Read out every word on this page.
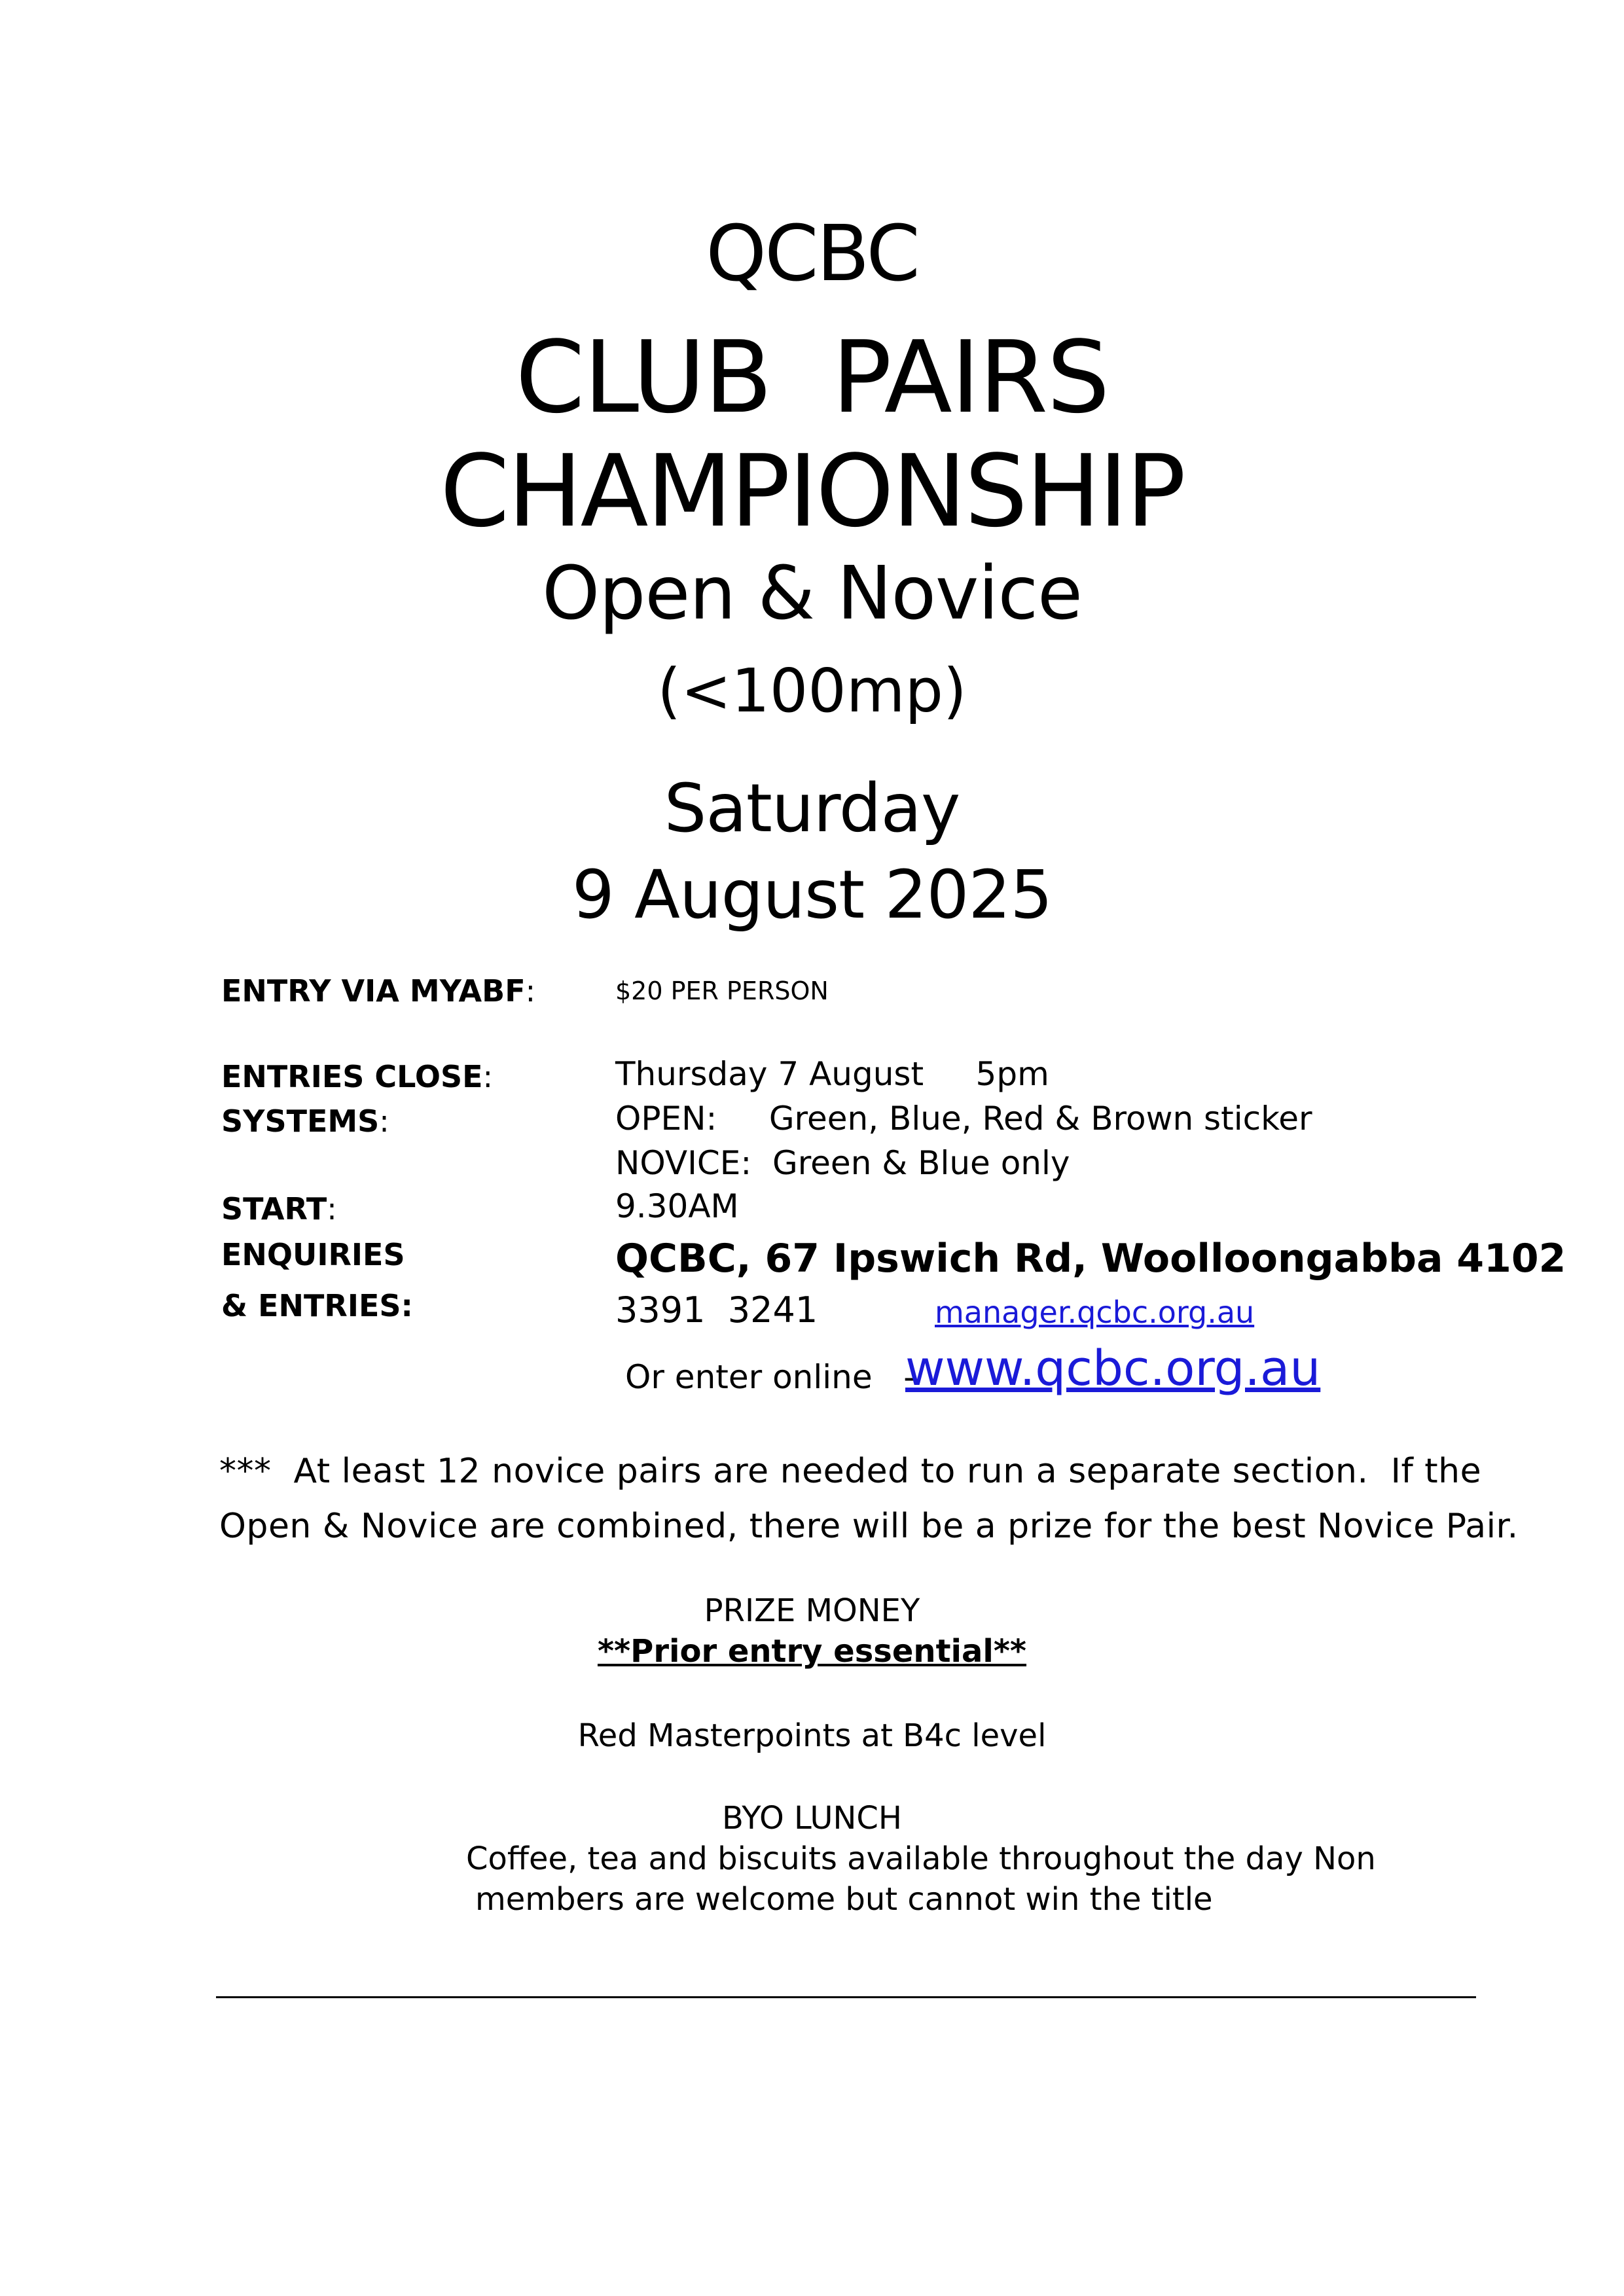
QCBC
CLUB  PAIRS
CHAMPIONSHIP
Open & Novice
(<100mp)
Saturday
9 August 2025
ENTRY VIA MYABF:	$20 PER PERSON
ENTRIES CLOSE:	Thursday 7 August     5pm
SYSTEMS:	OPEN:     Green, Blue, Red & Brown sticker
NOVICE:  Green & Blue only
START:	9.30AM
ENQUIRIES	QCBC, 67 Ipswich Rd, Woolloongabba 4102
& ENTRIES:	3391  3241	manager.qcbc.org.au
Or enter online   -
www.qcbc.org.au
***  At least 12 novice pairs are needed to run a separate section.  If the
Open & Novice are combined, there will be a prize for the best Novice Pair.
PRIZE MONEY
**Prior entry essential**
Red Masterpoints at B4c level
BYO LUNCH
Coffee, tea and biscuits available throughout the day Non
members are welcome but cannot win the title
